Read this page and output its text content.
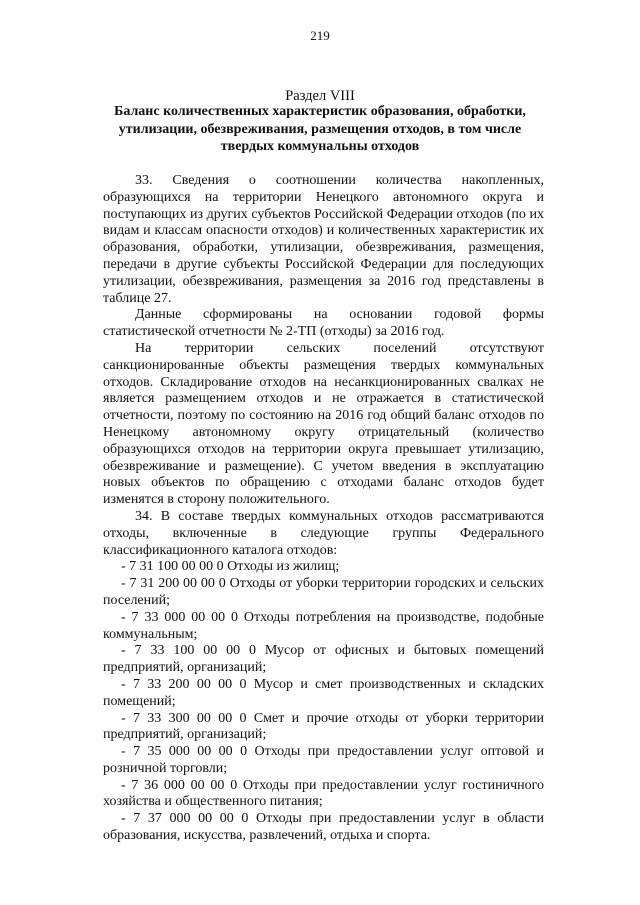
219
Раздел VIII
Баланс количественных характеристик образования, обработки, утилизации, обезвреживания, размещения отходов, в том числе твердых коммунальны отходов

33. Сведения о соотношении количества накопленных, образующихся на территории Ненецкого автономного округа и поступающих из других субъектов Российской Федерации отходов (по их видам и классам опасности отходов) и количественных характеристик их образования, обработки, утилизации, обезвреживания, размещения, передачи в другие субъекты Российской Федерации для последующих утилизации, обезвреживания, размещения за 2016 год представлены в таблице 27.

Данные сформированы на основании годовой формы статистической отчетности № 2-ТП (отходы) за 2016 год.

На территории сельских поселений отсутствуют санкционированные объекты размещения твердых коммунальных отходов. Складирование отходов на несанкционированных свалках не является размещением отходов и не отражается в статистической отчетности, поэтому по состоянию на 2016 год общий баланс отходов по Ненецкому автономному округу отрицательный (количество образующихся отходов на территории округа превышает утилизацию, обезвреживание и размещение). С учетом введения в эксплуатацию новых объектов по обращению с отходами баланс отходов будет изменятся в сторону положительного.

34. В составе твердых коммунальных отходов рассматриваются отходы, включенные в следующие группы Федерального классификационного каталога отходов:

- 7 31 100 00 00 0 Отходы из жилищ;

- 7 31 200 00 00 0 Отходы от уборки территории городских и сельских поселений;

- 7 33 000 00 00 0 Отходы потребления на производстве, подобные коммунальным;

- 7 33 100 00 00 0 Мусор от офисных и бытовых помещений предприятий, организаций;

- 7 33 200 00 00 0 Мусор и смет производственных и складских помещений;

- 7 33 300 00 00 0 Смет и прочие отходы от уборки территории предприятий, организаций;

- 7 35 000 00 00 0 Отходы при предоставлении услуг оптовой и розничной торговли;

- 7 36 000 00 00 0 Отходы при предоставлении услуг гостиничного хозяйства и общественного питания;

- 7 37 000 00 00 0 Отходы при предоставлении услуг в области образования, искусства, развлечений, отдыха и спорта.
